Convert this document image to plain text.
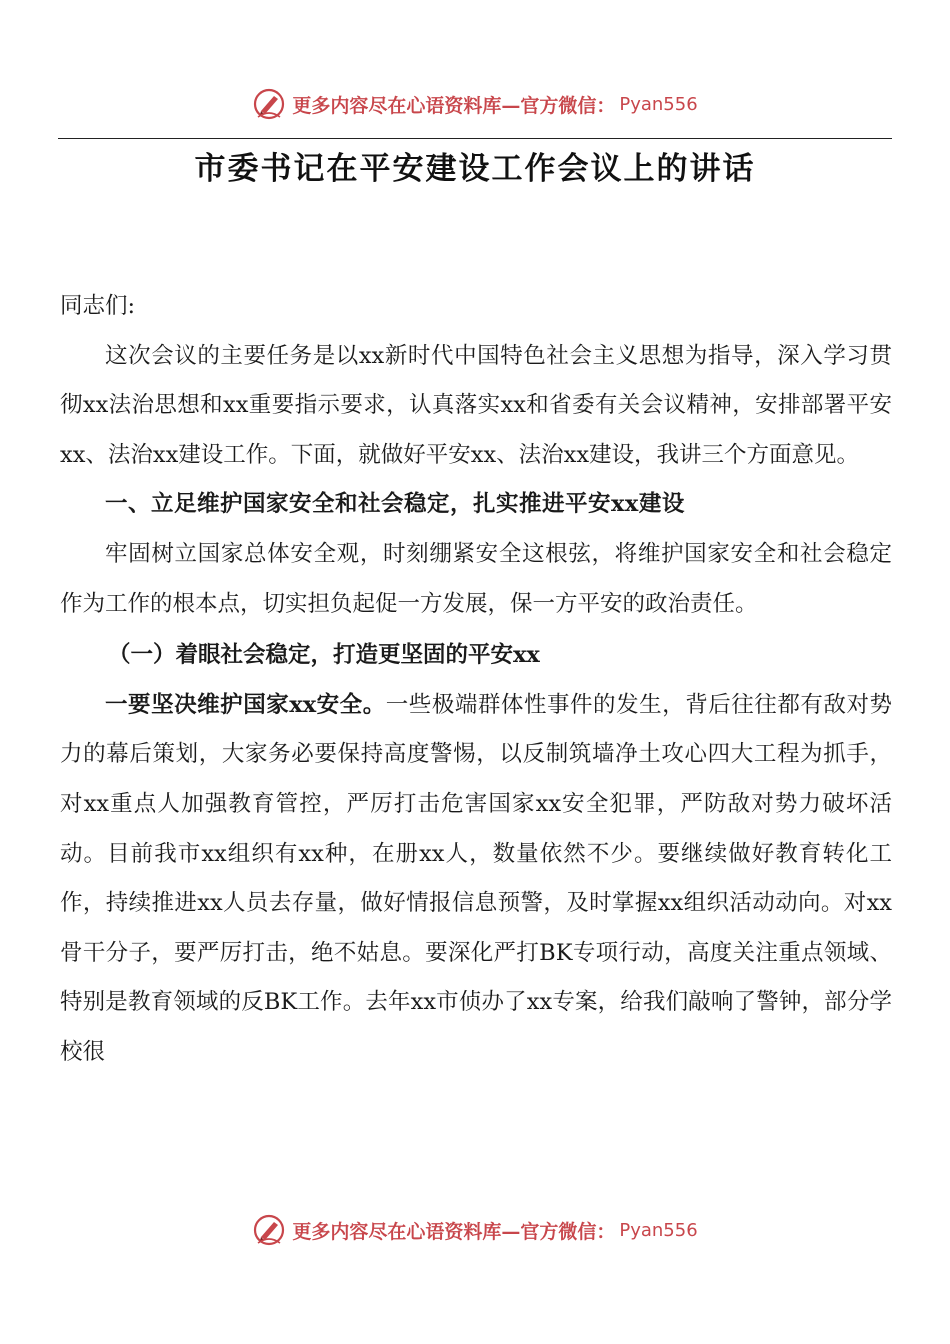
更多内容尽在心语资料库—官方微信： Pyan556
市委书记在平安建设工作会议上的讲话

同志们:

这次会议的主要任务是以xx新时代中国特色社会主义思想为指导，深入学习贯彻xx法治思想和xx重要指示要求，认真落实xx和省委有关会议精神，安排部署平安xx、法治xx建设工作。下面，就做好平安xx、法治xx建设，我讲三个方面意见。

一、立足维护国家安全和社会稳定，扎实推进平安xx建设

牢固树立国家总体安全观，时刻绷紧安全这根弦，将维护国家安全和社会稳定作为工作的根本点，切实担负起促一方发展，保一方平安的政治责任。

（一）着眼社会稳定，打造更坚固的平安xx

一要坚决维护国家xx安全。一些极端群体性事件的发生，背后往往都有敌对势力的幕后策划，大家务必要保持高度警惕，以反制筑墙净土攻心四大工程为抓手，对xx重点人加强教育管控，严厉打击危害国家xx安全犯罪，严防敌对势力破坏活动。目前我市xx组织有xx种，在册xx人，数量依然不少。要继续做好教育转化工作，持续推进xx人员去存量，做好情报信息预警，及时掌握xx组织活动动向。对xx骨干分子，要严厉打击，绝不姑息。要深化严打BK专项行动，高度关注重点领域、特别是教育领域的反BK工作。去年xx市侦办了xx专案，给我们敲响了警钟，部分学校很

更多内容尽在心语资料库—官方微信： Pyan556
